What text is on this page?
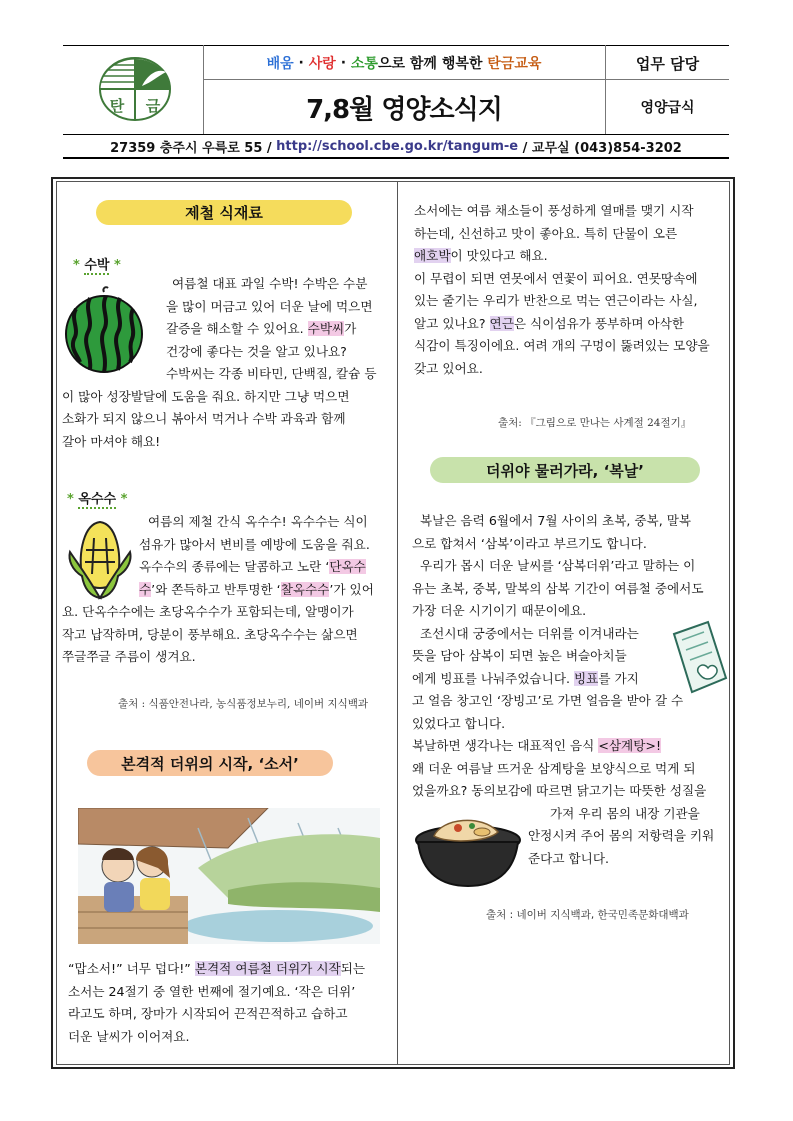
탄 금
배움 · 사랑 · 소통 으로 함께 행복한 탄금교육
7,8월 영양소식지
업무 담당
영양급식
27359 충주시 우륵로 55 / http://school.cbe.go.kr/tangum-e / 교무실 (043)854-3202
제철 식재료
* 수박 *

여름철 대표 과일 수박! 수박은 수분

을 많이 머금고 있어 더운 날에 먹으면

갈증을 해소할 수 있어요. 수박씨가

건강에 좋다는 것을 알고 있나요?

수박씨는 각종 비타민, 단백질, 칼슘 등

이 많아 성장발달에 도움을 줘요. 하지만 그냥 먹으면

소화가 되지 않으니 볶아서 먹거나 수박 과육과 함께

갈아 마셔야 해요!

* 옥수수 *

여름의 제철 간식 옥수수! 옥수수는 식이

섬유가 많아서 변비를 예방에 도움을 줘요.

옥수수의 종류에는 달콤하고 노란 ‘단옥수

수’와 쫀득하고 반투명한 ‘찰옥수수’가 있어

요. 단옥수수에는 초당옥수수가 포함되는데, 알맹이가

작고 납작하며, 당분이 풍부해요. 초당옥수수는 삶으면

쭈글쭈글 주름이 생겨요.

출처 : 식품안전나라, 농식품정보누리, 네이버 지식백과
본격적 더위의 시작, ‘소서’

“맙소서!” 너무 덥다!” 본격적 여름철 더위가 시작되는

소서는 24절기 중 열한 번째에 절기예요. ‘작은 더위’

라고도 하며, 장마가 시작되어 끈적끈적하고 습하고

더운 날씨가 이어져요.

소서에는 여름 채소들이 풍성하게 열매를 맺기 시작

하는데, 신선하고 맛이 좋아요. 특히 단물이 오른

애호박이 맛있다고 해요.

이 무렵이 되면 연못에서 연꽃이 피어요. 연못땅속에

있는 줄기는 우리가 반찬으로 먹는 연근이라는 사실,

알고 있나요? 연근은 식이섬유가 풍부하며 아삭한

식감이 특징이에요. 여려 개의 구멍이 뚫려있는 모양을

갖고 있어요.

출처: 『그림으로 만나는 사계절 24절기』
더위야 물러가라, ‘복날’

복날은 음력 6월에서 7월 사이의 초복, 중복, 말복

으로 합쳐서 ‘삼복’이라고 부르기도 합니다.

우리가 몹시 더운 날씨를 ‘삼복더위’라고 말하는 이

유는 초복, 중복, 말복의 삼복 기간이 여름철 중에서도

가장 더운 시기이기 때문이에요.

조선시대 궁중에서는 더위를 이겨내라는

뜻을 담아 삼복이 되면 높은 벼슬아치들

에게 빙표를 나눠주었습니다. 빙표를 가지

고 얼음 창고인 ‘장빙고’로 가면 얼음을 받아 갈 수

있었다고 합니다.

복날하면 생각나는 대표적인 음식 <삼계탕>!

왜 더운 여름날 뜨거운 삼계탕을 보양식으로 먹게 되

었을까요? 동의보감에 따르면 닭고기는 따뜻한 성질을

가져 우리 몸의 내장 기관을

안정시켜 주어 몸의 저항력을 키워

준다고 합니다.

출처 : 네이버 지식백과, 한국민족문화대백과
